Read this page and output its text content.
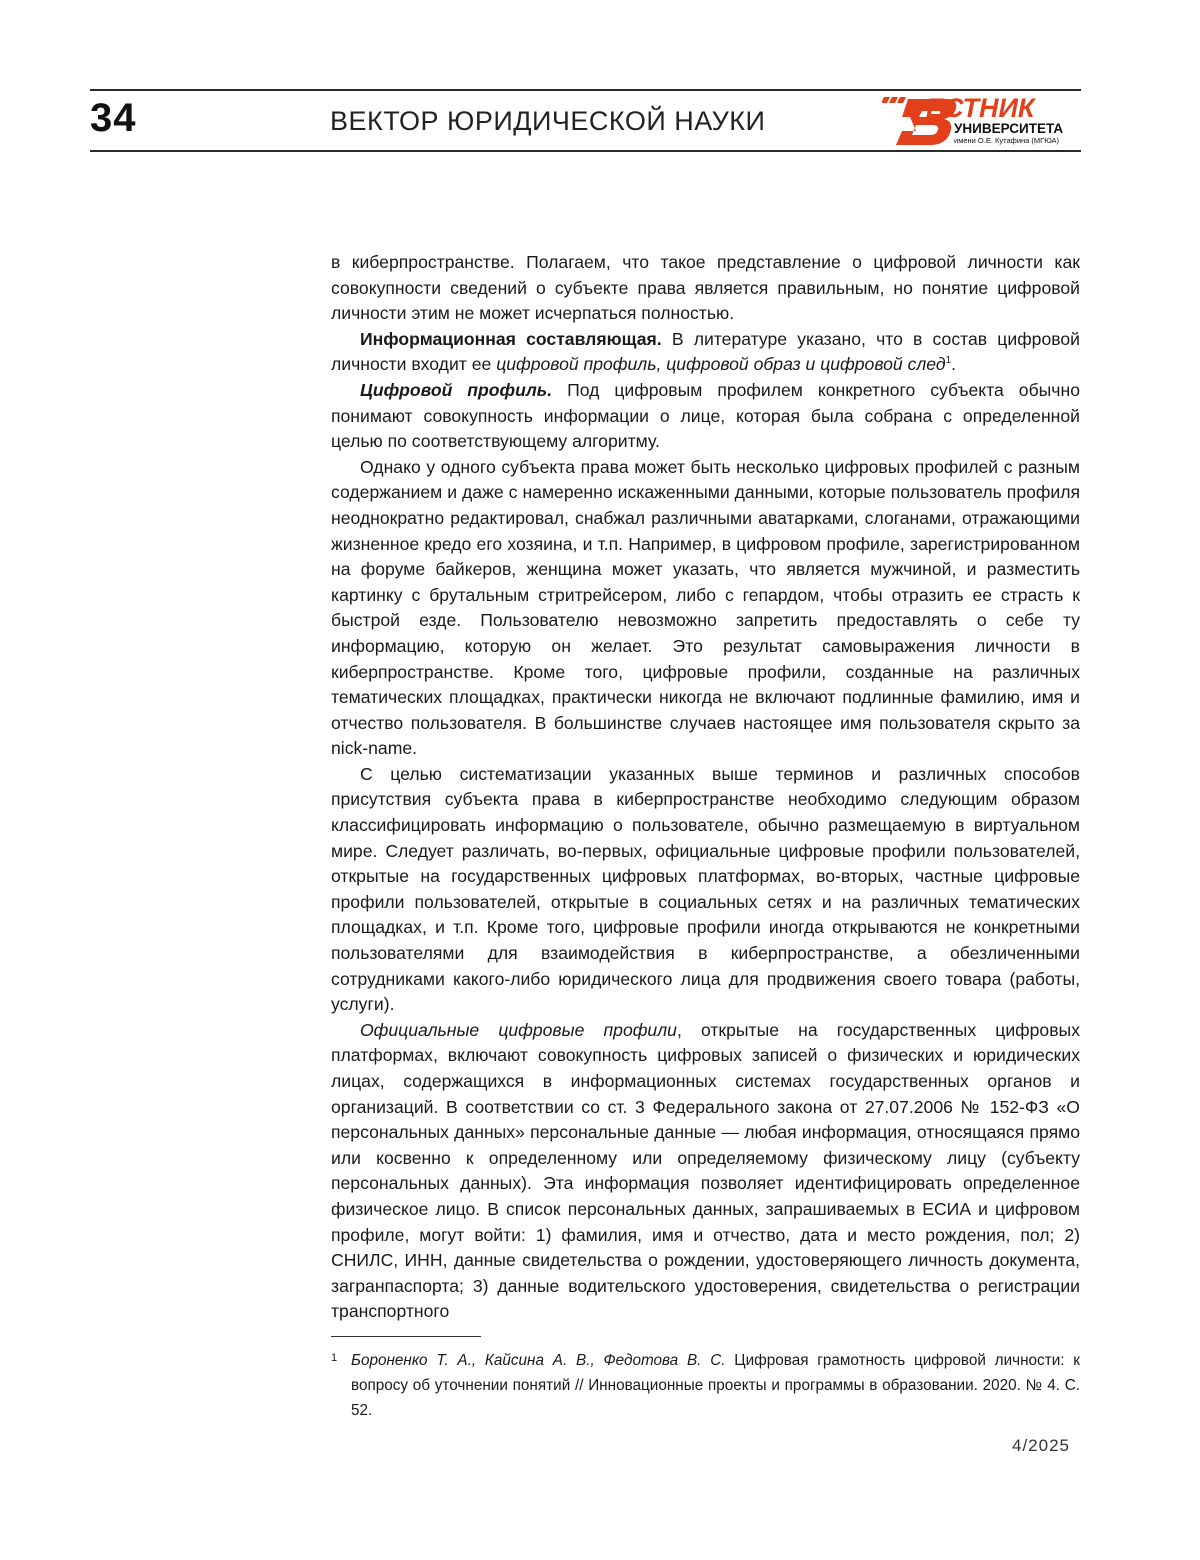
34	ВЕКТОР ЮРИДИЧЕСКОЙ НАУКИ	ЕСТНИК
УНИВЕРСИТЕТА
имени О.Е. Кутафина (МГЮА)

в киберпространстве. Полагаем, что такое представление о цифровой личности как совокупности сведений о субъекте права является правильным, но понятие цифровой личности этим не может исчерпаться полностью.

Информационная составляющая. В литературе указано, что в состав циф­ровой личности входит ее цифровой профиль, цифровой образ и цифровой след1.

Цифровой профиль. Под цифровым профилем конкретного субъекта обычно понимают совокупность информации о лице, которая была собрана с определен­ной целью по соответствующему алгоритму.

Однако у одного субъекта права может быть несколько цифровых профилей с разным содержанием и даже с намеренно искаженными данными, которые поль­зователь профиля неоднократно редактировал, снабжал различными аватарка­ми, слоганами, отражающими жизненное кредо его хозяина, и т.п. Например, в цифровом профиле, зарегистрированном на форуме байкеров, женщина может указать, что является мужчиной, и разместить картинку с брутальным стритрей­сером, либо с гепардом, чтобы отразить ее страсть к быстрой езде. Пользователю невозможно запретить предоставлять о себе ту информацию, которую он желает. Это результат самовыражения личности в киберпространстве. Кроме того, циф­ровые профили, созданные на различных тематических площадках, практически никогда не включают подлинные фамилию, имя и отчество пользователя. В боль­шинстве случаев настоящее имя пользователя скрыто за nick-name.

С целью систематизации указанных выше терминов и различных способов присутствия субъекта права в киберпространстве необходимо следующим об­разом классифицировать информацию о пользователе, обычно размещаемую в виртуальном мире. Следует различать, во-первых, официальные цифровые профили пользователей, открытые на государственных цифровых платформах, во-вторых, частные цифровые профили пользователей, открытые в социальных сетях и на различных тематических площадках, и т.п. Кроме того, цифровые про­фили иногда открываются не конкретными пользователями для взаимодействия в киберпространстве, а обезличенными сотрудниками какого-либо юридического лица для продвижения своего товара (работы, услуги).

Официальные цифровые профили, открытые на государственных цифровых платформах, включают совокупность цифровых записей о физических и юриди­ческих лицах, содержащихся в информационных системах государственных ор­ганов и организаций. В соответствии со ст. 3 Федерального закона от 27.07.2006 № 152-ФЗ «О персональных данных» персональные данные — любая инфор­мация, относящаяся прямо или косвенно к определенному или определяемому физическому лицу (субъекту персональных данных). Эта информация позволя­ет идентифицировать определенное физическое лицо. В список персональных данных, запрашиваемых в ЕСИА и цифровом профиле, могут войти: 1) фамилия, имя и отчество, дата и место рождения, пол; 2) СНИЛС, ИНН, данные свидетель­ства о рождении, удостоверяющего личность документа, загранпаспорта; 3) дан­ные водительского удостоверения, свидетельства о регистрации транспортного

1 Бороненко Т. А., Кайсина А. В., Федотова В. С. Цифровая грамотность цифровой лич­ности: к вопросу об уточнении понятий // Инновационные проекты и программы в обра­зовании. 2020. № 4. С. 52.
4/2025
